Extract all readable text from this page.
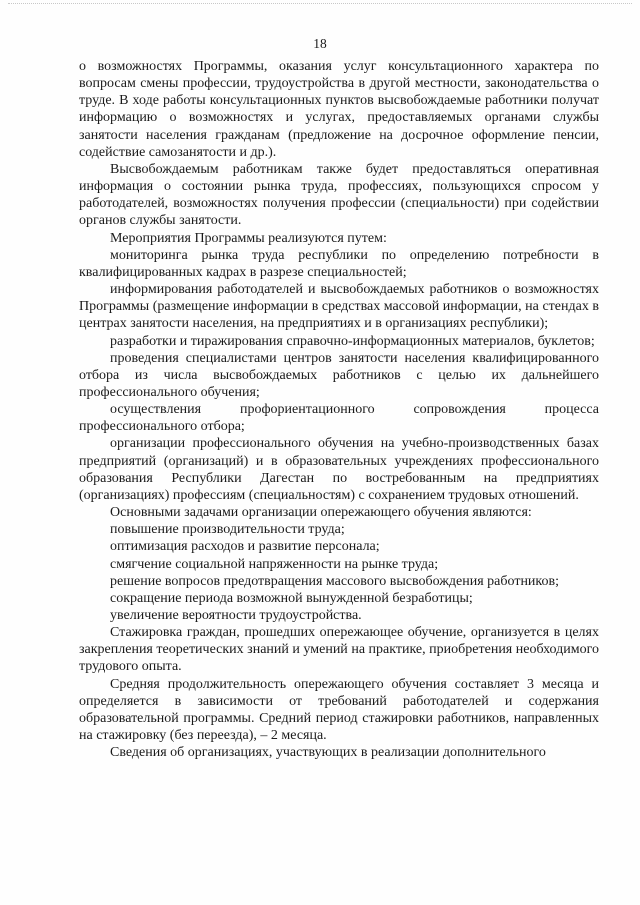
18

о возможностях Программы, оказания услуг консультационного характера по вопросам смены профессии, трудоустройства в другой местности, законодательства о труде. В ходе работы консультационных пунктов высвобождаемые работники получат информацию о возможностях и услугах, предоставляемых органами службы занятости населения гражданам (предложение на досрочное оформление пенсии, содействие самозанятости и др.).

Высвобождаемым работникам также будет предоставляться оперативная информация о состоянии рынка труда, профессиях, пользующихся спросом у работодателей, возможностях получения профессии (специальности) при содействии органов службы занятости.

Мероприятия Программы реализуются путем:

мониторинга рынка труда республики по определению потребности в квалифицированных кадрах в разрезе специальностей;

информирования работодателей и высвобождаемых работников о возможностях Программы (размещение информации в средствах массовой информации, на стендах в центрах занятости населения, на предприятиях и в организациях республики);

разработки и тиражирования справочно-информационных материалов, буклетов;

проведения специалистами центров занятости населения квалифицированного отбора из числа высвобождаемых работников с целью их дальнейшего профессионального обучения;

осуществления профориентационного сопровождения процесса профессионального отбора;

организации профессионального обучения на учебно-производственных базах предприятий (организаций) и в образовательных учреждениях профессионального образования Республики Дагестан по востребованным на предприятиях (организациях) профессиям (специальностям) с сохранением трудовых отношений.

Основными задачами организации опережающего обучения являются:

повышение производительности труда;

оптимизация расходов и развитие персонала;

смягчение социальной напряженности на рынке труда;

решение вопросов предотвращения массового высвобождения работников;

сокращение периода возможной вынужденной безработицы;

увеличение вероятности трудоустройства.

Стажировка граждан, прошедших опережающее обучение, организуется в целях закрепления теоретических знаний и умений на практике, приобретения необходимого трудового опыта.

Средняя продолжительность опережающего обучения составляет 3 месяца и определяется в зависимости от требований работодателей и содержания образовательной программы. Средний период стажировки работников, направленных на стажировку (без переезда), – 2 месяца.

Сведения об организациях, участвующих в реализации дополнительного
